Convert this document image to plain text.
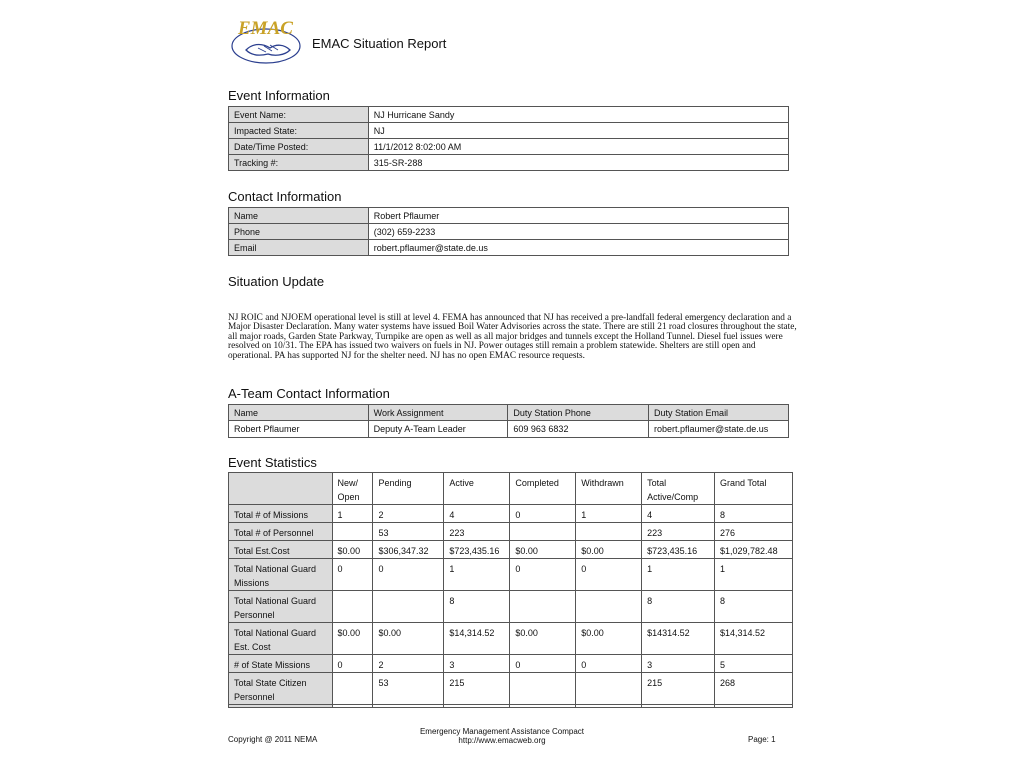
EMAC
EMAC Situation Report
Event Information
Event Name:	NJ Hurricane Sandy
Impacted State:	NJ
Date/Time Posted:	11/1/2012 8:02:00 AM
Tracking #:	315-SR-288
Contact Information
Name	Robert Pflaumer
Phone	(302) 659-2233
Email	robert.pflaumer@state.de.us
Situation Update
NJ ROIC and NJOEM operational level is still at level 4. FEMA has announced that NJ has received a pre-landfall federal emergency declaration and a Major Disaster Declaration. Many water systems have issued Boil Water Advisories across the state. There are still 21 road closures throughout the state, all major roads, Garden State Parkway, Turnpike are open as well as all major bridges and tunnels except the Holland Tunnel. Diesel fuel issues were resolved on 10/31. The EPA has issued two waivers on fuels in NJ. Power outages still remain a problem statewide. Shelters are still open and operational. PA has supported NJ for the shelter need. NJ has no open EMAC resource requests.
A-Team Contact Information
Name	Work Assignment	Duty Station Phone	Duty Station Email
Robert Pflaumer	Deputy A-Team Leader	609 963 6832	robert.pflaumer@state.de.us
Event Statistics
	New/ Open	Pending	Active	Completed	Withdrawn	Total Active/Comp	Grand Total
Total # of Missions	1	2	4	0	1	4	8
Total # of Personnel		53	223			223	276
Total Est.Cost	$0.00	$306,347.32	$723,435.16	$0.00	$0.00	$723,435.16	$1,029,782.48
Total National Guard Missions	0	0	1	0	0	1	1
Total National Guard Personnel			8			8	8
Total National Guard Est. Cost	$0.00	$0.00	$14,314.52	$0.00	$0.00	$14314.52	$14,314.52
# of State Missions	0	2	3	0	0	3	5
Total State Citizen Personnel		53	215			215	268

Copyright @ 2011 NEMA
Emergency Management Assistance Compact
http://www.emacweb.org	Page: 1
